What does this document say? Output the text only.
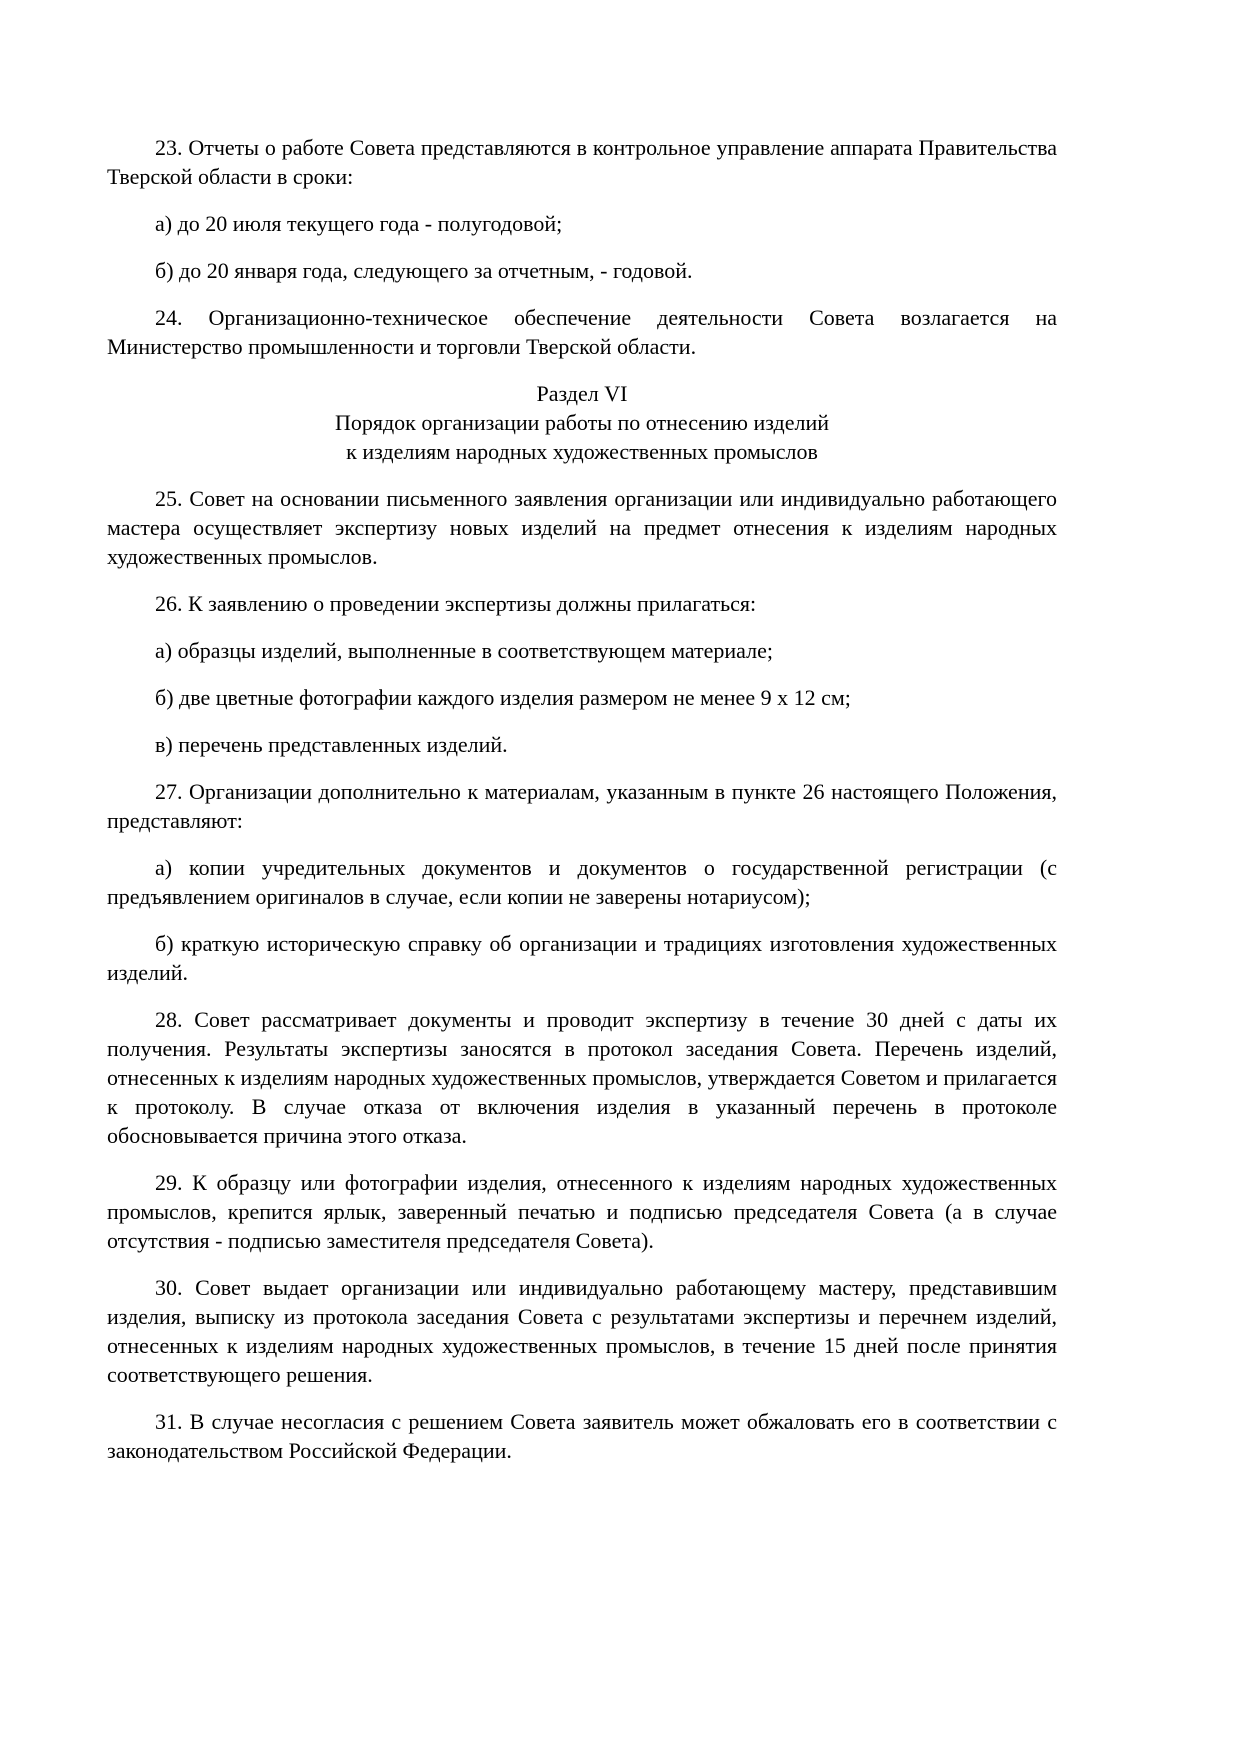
23. Отчеты о работе Совета представляются в контрольное управление аппарата Правительства Тверской области в сроки:

а) до 20 июля текущего года - полугодовой;

б) до 20 января года, следующего за отчетным, - годовой.

24. Организационно-техническое обеспечение деятельности Совета возлагается на Министерство промышленности и торговли Тверской области.

Раздел VI
Порядок организации работы по отнесению изделий
к изделиям народных художественных промыслов

25. Совет на основании письменного заявления организации или индивидуально работающего мастера осуществляет экспертизу новых изделий на предмет отнесения к изделиям народных художественных промыслов.

26. К заявлению о проведении экспертизы должны прилагаться:

а) образцы изделий, выполненные в соответствующем материале;

б) две цветные фотографии каждого изделия размером не менее 9 х 12 см;

в) перечень представленных изделий.

27. Организации дополнительно к материалам, указанным в пункте 26 настоящего Положения, представляют:

а) копии учредительных документов и документов о государственной регистрации (с предъявлением оригиналов в случае, если копии не заверены нотариусом);

б) краткую историческую справку об организации и традициях изготовления художественных изделий.

28. Совет рассматривает документы и проводит экспертизу в течение 30 дней с даты их получения. Результаты экспертизы заносятся в протокол заседания Совета. Перечень изделий, отнесенных к изделиям народных художественных промыслов, утверждается Советом и прилагается к протоколу. В случае отказа от включения изделия в указанный перечень в протоколе обосновывается причина этого отказа.

29. К образцу или фотографии изделия, отнесенного к изделиям народных художественных промыслов, крепится ярлык, заверенный печатью и подписью председателя Совета (а в случае отсутствия - подписью заместителя председателя Совета).

30. Совет выдает организации или индивидуально работающему мастеру, представившим изделия, выписку из протокола заседания Совета с результатами экспертизы и перечнем изделий, отнесенных к изделиям народных художественных промыслов, в течение 15 дней после принятия соответствующего решения.

31. В случае несогласия с решением Совета заявитель может обжаловать его в соответствии с законодательством Российской Федерации.
